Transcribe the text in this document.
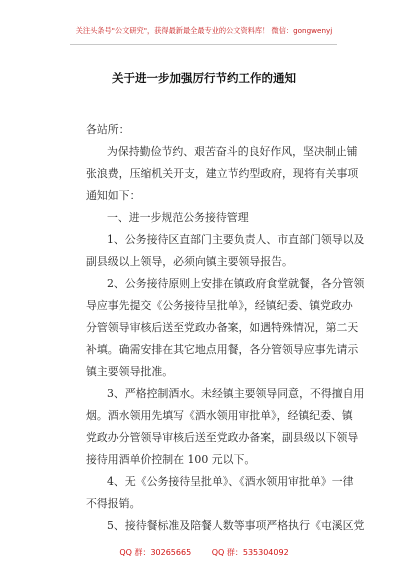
关注头条号"公文研究"，获得最新最全最专业的公文资料库！ 微信：gongwenyj
关于进一步加强厉行节约工作的通知
各站所：
为保持勤俭节约、艰苦奋斗的良好作风，坚决制止铺
张浪费，压缩机关开支，建立节约型政府，现将有关事项
通知如下：
一、进一步规范公务接待管理
1、公务接待区直部门主要负责人、市直部门领导以及
副县级以上领导，必须向镇主要领导报告。
2、公务接待原则上安排在镇政府食堂就餐，各分管领
导应事先提交《公务接待呈批单》，经镇纪委、镇党政办
分管领导审核后送至党政办备案，如遇特殊情况，第二天
补填。确需安排在其它地点用餐，各分管领导应事先请示
镇主要领导批准。
3、严格控制酒水。未经镇主要领导同意，不得擅自用
烟。酒水领用先填写《酒水领用审批单》，经镇纪委、镇
党政办分管领导审核后送至党政办备案，副县级以下领导
接待用酒单价控制在 100 元以下。
4、无《公务接待呈批单》、《酒水领用审批单》一律
不得报销。
5、接待餐标准及陪餐人数等事项严格执行《屯溪区党
QQ 群：30265665	QQ 群：535304092
